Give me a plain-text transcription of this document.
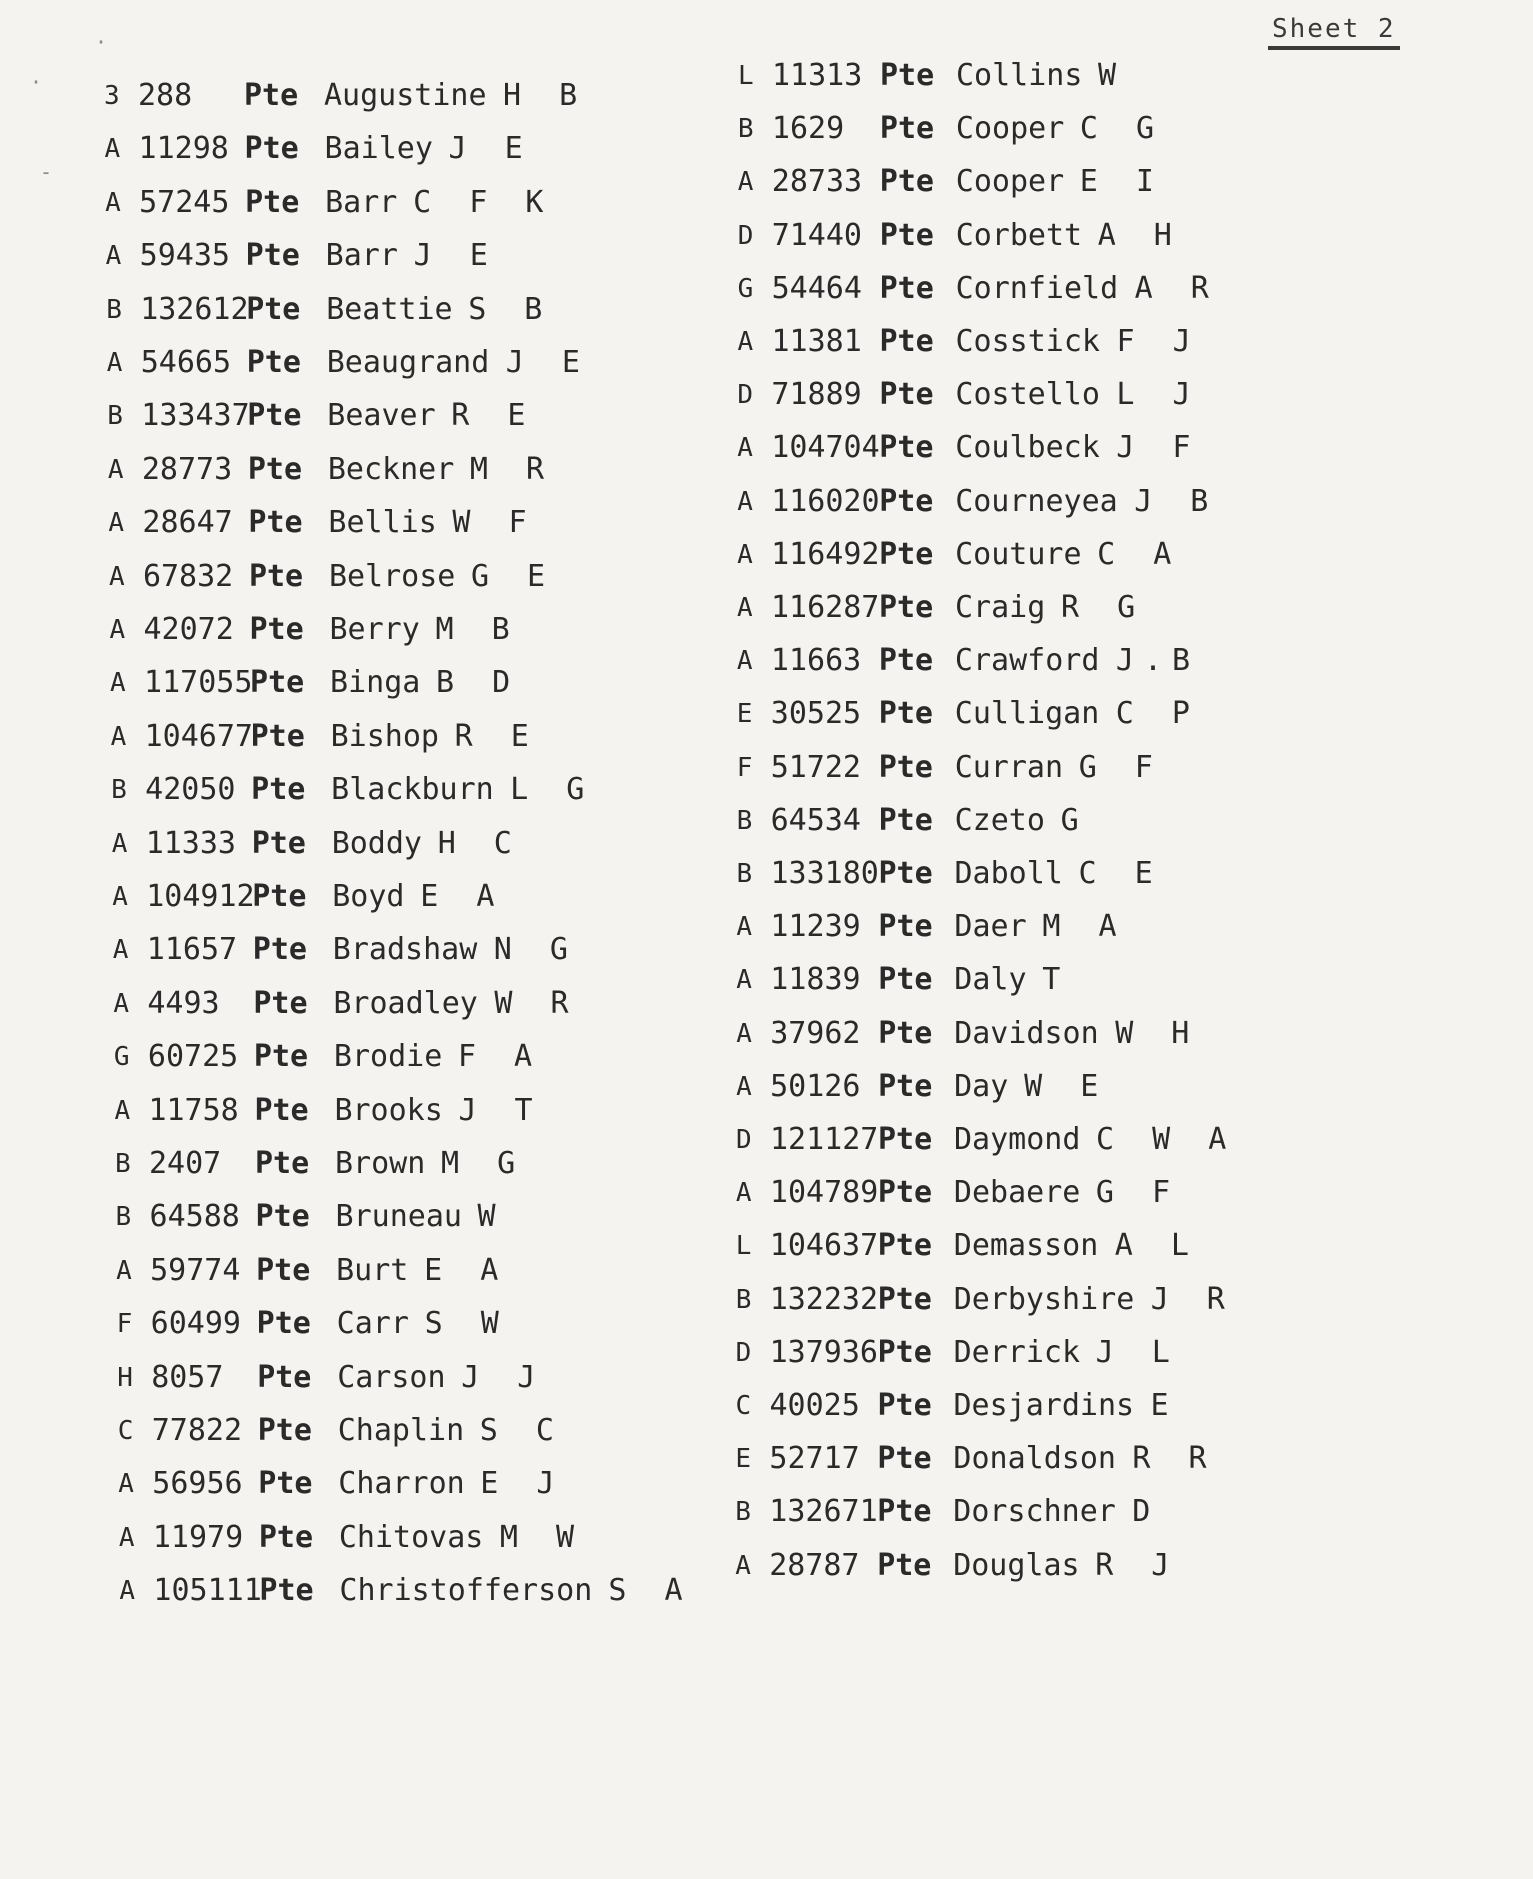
Sheet 2
3 288 Pte Augustine H B
A 11298 Pte Bailey J E
A 57245 Pte Barr C F K
A 59435 Pte Barr J E
B 132612
Pte Beattie S B
A 54665 Pte Beaugrand J E
B 133437
Pte Beaver R E
A 28773 Pte Beckner M R
A 28647 Pte Bellis W F
A 67832 Pte Belrose G E
A 42072 Pte Berry M B
A 117055
Pte Binga B D
A 104677
Pte Bishop R E
B 42050 Pte Blackburn L G
A 11333 Pte Boddy H C
A 104912
Pte Boyd E A
A 11657 Pte Bradshaw N G
A 4493 Pte Broadley W R
G 60725 Pte Brodie F A
A 11758 Pte Brooks J T
B 2407 Pte Brown M G
B 64588 Pte Bruneau W
A 59774 Pte Burt E A
F 60499 Pte Carr S W
H 8057 Pte Carson J J
C 77822 Pte Chaplin S C
A 56956 Pte Charron E J
A 11979 Pte Chitovas M W
A 105111
Pte Christofferson S A
L 11313 Pte Collins W
B 1629 Pte Cooper C G
A 28733 Pte Cooper E I
D 71440 Pte Corbett A H
G 54464 Pte Cornfield A R
A 11381 Pte Cosstick F J
D 71889 Pte Costello L J
A 104704 Pte Coulbeck J F
A 116020 Pte Courneyea J B
A 116492 Pte Couture C A
A 116287 Pte Craig R G
A 11663 Pte Crawford J.B
E 30525 Pte Culligan C P
F 51722 Pte Curran G F
B 64534 Pte Czeto G
B 133180 Pte Daboll C E
A 11239 Pte Daer M A
A 11839 Pte Daly T
A 37962 Pte Davidson W H
A 50126 Pte Day W E
D 121127 Pte Daymond C W A
A 104789 Pte Debaere G F
L 104637 Pte Demasson A L
B 132232 Pte Derbyshire J R
D 137936 Pte Derrick J L
C 40025 Pte Desjardins E
E 52717 Pte Donaldson R R
B 132671 Pte Dorschner D
A 28787 Pte Douglas R J
·
-
·
